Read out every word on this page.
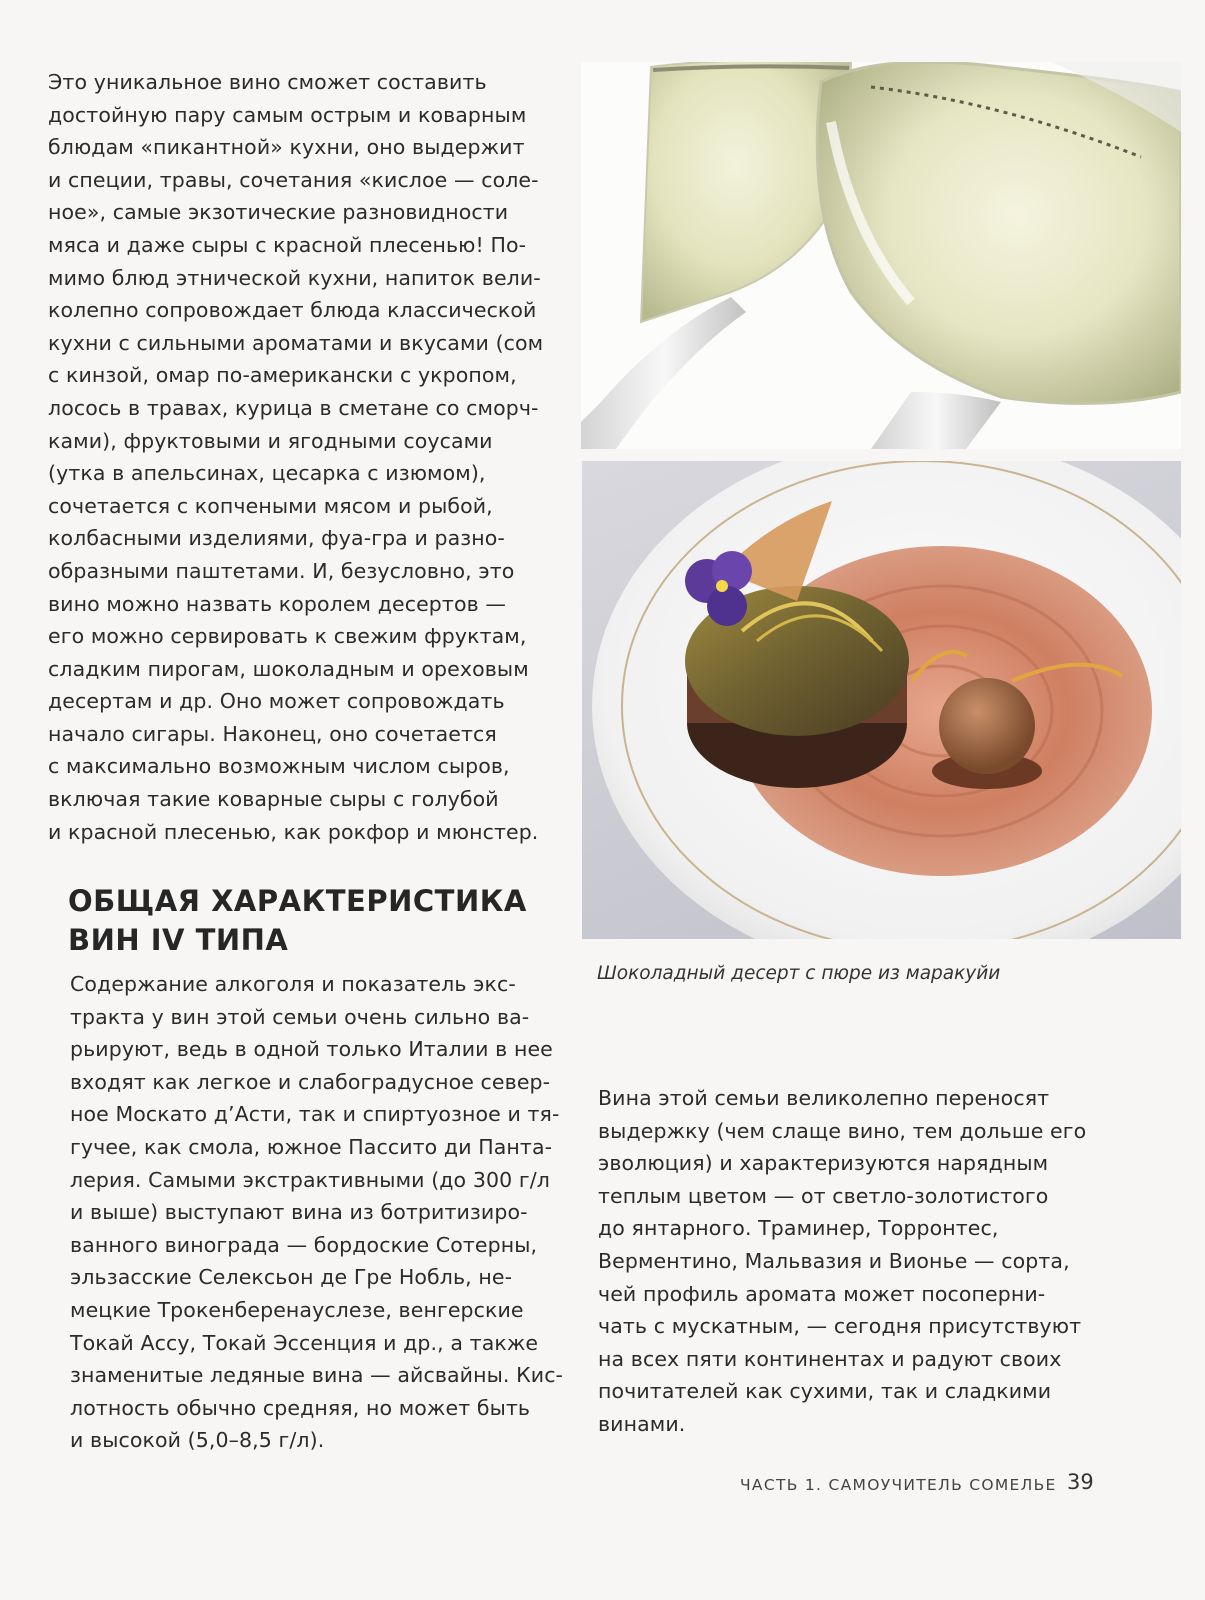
Это уникальное вино сможет составить
достойную пару самым острым и коварным
блюдам «пикантной» кухни, оно выдержит
и специи, травы, сочетания «кислое — соле-
ное», самые экзотические разновидности
мяса и даже сыры с красной плесенью! По-
мимо блюд этнической кухни, напиток вели-
колепно сопровождает блюда классической
кухни с сильными ароматами и вкусами (сом
с кинзой, омар по-американски с укропом,
лосось в травах, курица в сметане со сморч-
ками), фруктовыми и ягодными соусами
(утка в апельсинах, цесарка с изюмом),
сочетается с копчеными мясом и рыбой,
колбасными изделиями, фуа-гра и разно-
образными паштетами. И, безусловно, это
вино можно назвать королем десертов —
его можно сервировать к свежим фруктам,
сладким пирогам, шоколадным и ореховым
десертам и др. Оно может сопровождать
начало сигары. Наконец, оно сочетается
с максимально возможным числом сыров,
включая такие коварные сыры с голубой
и красной плесенью, как рокфор и мюнстер.

ОБЩАЯ ХАРАКТЕРИСТИКА
ВИН IV ТИПА

Содержание алкоголя и показатель экс-
тракта у вин этой семьи очень сильно ва-
рьируют, ведь в одной только Италии в нее
входят как легкое и слабоградусное север-
ное Москато д’Асти, так и спиртуозное и тя-
гучее, как смола, южное Пассито ди Панта-
лерия. Самыми экстрактивными (до 300 г/л
и выше) выступают вина из ботритизиро-
ванного винограда — бордоские Сотерны,
эльзасские Селексьон де Гре Нобль, не-
мецкие Трокенберенауслезе, венгерские
Токай Ассу, Токай Эссенция и др., а также
знаменитые ледяные вина — айсвайны. Кис-
лотность обычно средняя, но может быть
и высокой (5,0–8,5 г/л).

Шоколадный десерт с пюре из маракуйи

Вина этой семьи великолепно переносят
выдержку (чем слаще вино, тем дольше его
эволюция) и характеризуются нарядным
теплым цветом — от светло-золотистого
до янтарного. Траминер, Торронтес,
Верментино, Мальвазия и Вионье — сорта,
чей профиль аромата может посоперни-
чать с мускатным, — сегодня присутствуют
на всех пяти континентах и радуют своих
почитателей как сухими, так и сладкими
винами.

ЧАСТЬ 1. САМОУЧИТЕЛЬ СОМЕЛЬЕ 39
